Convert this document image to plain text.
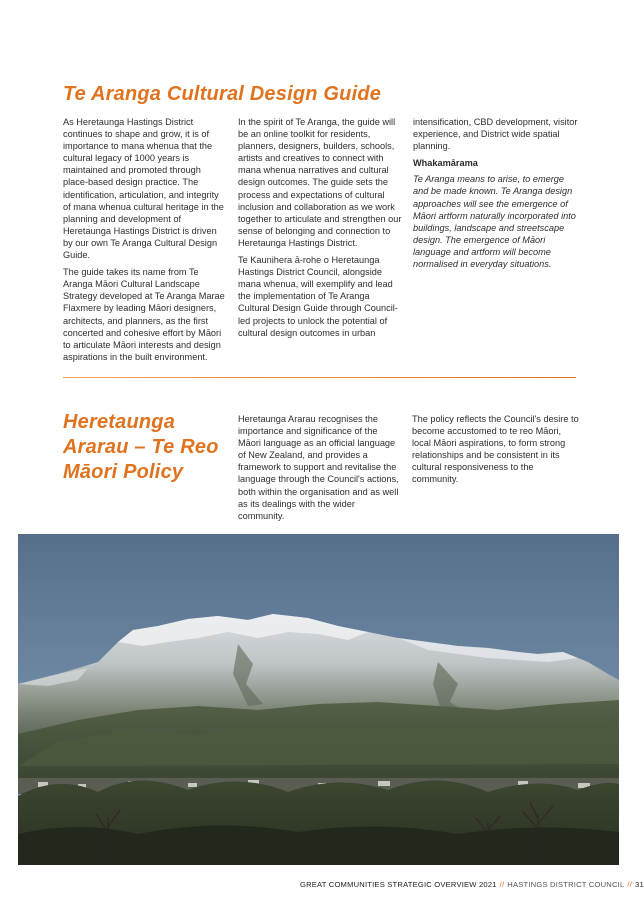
Te Aranga Cultural Design Guide

As Heretaunga Hastings District continues to shape and grow, it is of importance to mana whenua that the cultural legacy of 1000 years is maintained and promoted through place-based design practice. The identification, articulation, and integrity of mana whenua cultural heritage in the planning and development of Heretaunga Hastings District is driven by our own Te Aranga Cultural Design Guide.

The guide takes its name from Te Aranga Māori Cultural Landscape Strategy developed at Te Aranga Marae Flaxmere by leading Māori designers, architects, and planners, as the first concerted and cohesive effort by Māori to articulate Māori interests and design aspirations in the built environment.

In the spirit of Te Aranga, the guide will be an online toolkit for residents, planners, designers, builders, schools, artists and creatives to connect with mana whenua narratives and cultural design outcomes. The guide sets the process and expectations of cultural inclusion and collaboration as we work together to articulate and strengthen our sense of belonging and connection to Heretaunga Hastings District.

Te Kaunihera ā-rohe o Heretaunga Hastings District Council, alongside mana whenua, will exemplify and lead the implementation of Te Aranga Cultural Design Guide through Council-led projects to unlock the potential of cultural design outcomes in urban

intensification, CBD development, visitor experience, and District wide spatial planning.

Whakamārama

Te Aranga means to arise, to emerge and be made known. Te Aranga design approaches will see the emergence of Māori artform naturally incorporated into buildings, landscape and streetscape design. The emergence of Māori language and artform will become normalised in everyday situations.

Heretaunga Ararau – Te Reo Māori Policy

Heretaunga Ararau recognises the importance and significance of the Māori language as an official language of New Zealand, and provides a framework to support and revitalise the language through the Council's actions, both within the organisation and as well as its dealings with the wider community.

The policy reflects the Council's desire to become accustomed to te reo Māori, local Māori aspirations, to form strong relationships and be consistent in its cultural responsiveness to the community.

GREAT COMMUNITIES STRATEGIC OVERVIEW 2021 // HASTINGS DISTRICT COUNCIL // 31
